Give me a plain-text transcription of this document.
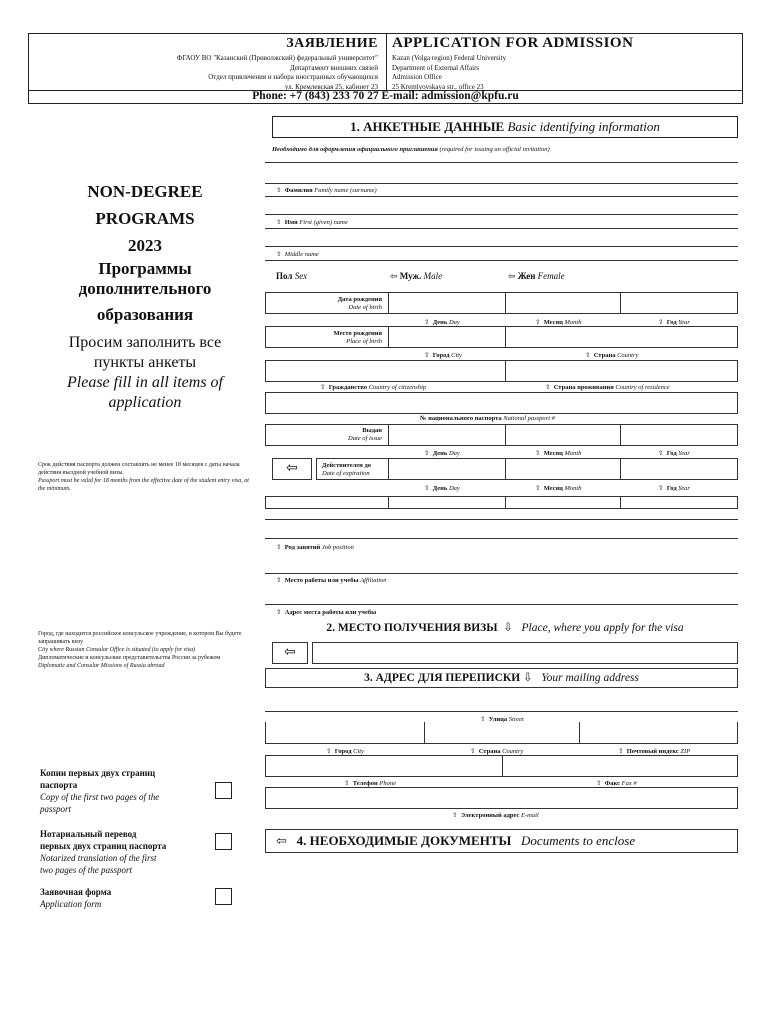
ЗАЯВЛЕНИЕ APPLICATION FOR ADMISSION
ФГАОУ ВО "Казанский (Приволжский) федеральный университет"
Департамент внешних связей
Отдел привлечения и набора иностранных обучающихся
ул. Кремлевская 25, кабинет 23
Kazan (Volga region) Federal University
Department of External Affairs
Admission Office
25 Kremlyovskaya str., office 23
Phone: +7 (843) 233 70 27 E-mail: admission@kpfu.ru
1. АНКЕТНЫЕ ДАННЫЕ Basic identifying information
Необходимо для оформления официального приглашения (required for issuing an official invitation)
NON-DEGREE
PROGRAMS
2023
Программы
дополнительного
образования
Просим заполнить все
пункты анкеты
Please fill in all items of
application
⇧  Фамилия Family name (surname)
⇧  Имя First (given) name
⇧  Middle name
Пол Sex	⇦ Муж. Male	⇦ Жен Female
Дата рождения
Date of birth
⇧  День Day	⇧  Месяц Month	⇧  Год Year
Место рождения
Place of birth
⇧  Город City	⇧  Страна Country
⇧  Гражданство Country of citizenship	⇧  Страна проживания Country of residence
№ национального паспорта National passport #
Выдан
Date of issue
⇧  День Day	⇧  Месяц Month	⇧  Год Year
Срок действия паспорта должен составлять не менее 18 месяцев с даты начала действия въездной учебной визы.
Passport must be valid for 18 months from the effective date of the student entry visa, at the minimum.
⇦	Действителен до
Date of expiration
⇧  День Day	⇧  Месяц Month	⇧  Год Year
⇧  Род занятий Job position
⇧  Место работы или учебы Affiliation
⇧  Адрес места работы или учебы
2. МЕСТО ПОЛУЧЕНИЯ ВИЗЫ  ⇩   Place, where you apply for the visa
Город, где находится российское консульское учреждение, в котором Вы будете запрашивать визу
City where Russian Consular Office is situated (to apply for visa)
Дипломатические и консульские представительства России за рубежом
Diplomatic and Consular Missions of Russia abroad
⇦
3. АДРЕС ДЛЯ ПЕРЕПИСКИ ⇩   Your mailing address
⇧  Улица Street
⇧  Город City	⇧  Страна Country	⇧  Почтовый индекс ZIP
⇧  Телефон Phone	⇧  Факс Fax #
⇧  Электронный адрес E-mail
⇦ 4. НЕОБХОДИМЫЕ ДОКУМЕНТЫ Documents to enclose
Копии первых двух страниц
паспорта
Copy of the first two pages of the
passport
Нотариальный перевод
первых двух страниц паспорта
Notarized translation of the first
two pages of the passport
Заявочная форма
Application form
